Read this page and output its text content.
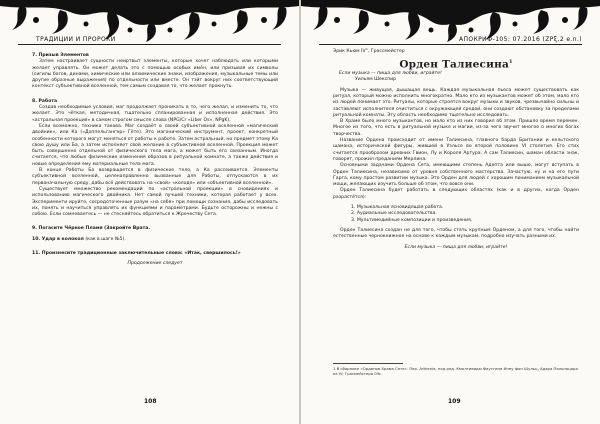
ТРАДИЦИИ И ПРОРОКИ

7. Призыв Элементов

Затем настраивает сущности неиртвыт элементы, которые хочет наблюдать или которыми желает управлять. Он может делать это с помощью особых имён, или призывая их символы (сигилы богов, динами, химические или алхимические знаки, изображения, музыкальные темы или другие образные выражения) по отдельности или вместе. Он тэйт вокруг них соответствующий контекст субъективной вселенной, тем самым создавая то, что желает прокнуть.

8. Работа

Создав необходимые условия, маг продолжает проникать в то, чего желал, и изменить то, что желает. Это чёткая, методичная, тщательно спланированная и исполненная действия. Это «астральная проекция» в самом строгом смысле слова (NPG/Cr «Liber Os», NPgK).

Если возможно, техника такова. Маг создаёт в своей субъективной вселенной «магический двойник», или Ка («Доппельгангер» Гёте). Это магонический инструмент, проект, конкретный особенности которого могут меняться от работы к работе. Затем астральный, но предмет этому Ка свою душу или Ба, а затем исполняет свой желание в субъективной вселенной. Проекция может быть совершенно отдельной от физического тела мага, а может быть его связанным. Иногда считается, что любые физические изменения образов в ритуальной комнате, а также действия и новые определения ему материальные тела мага.

В конце Работы Ба возвращается в физическое тело, а Ка рассеивается. Элементы субъективной вселенной, целенаправленно вызванные для Работы, отпускаются в их первоначальную среду, дабы всё действовать на «свой» «колоде» или «объективной вселенной».

Существует множество рекомендаций по «астральной проекции» в сновидениях и использованию магического двойника. Нет самой лучшей техники, которая работает у всех. Эксперименти ируйте, сосредоточенные разум «на себя» при помощи сознания, дабы исследовать их, понять и научиться управлять их функциями и параметрами. Будьте осторожны и нежны с собою. Если сомневаетесь — не стесняйтесь обратиться к Жречеству Сета.

9. Погасите Чёрное Пламя (Закройте Врата.

10. Удар в колокол (как в шаге №5).

11. Произнесите традиционные заключительные слова: «Итак, свершилось!»

Продолжение следует

108
АПОКРИФ-105: 07.2016 (ΖΡξ,2 e.n.)

Эрик Кьюм IV°, Грассмейстер

Орден Талиесина$^1$

Если музыка — пища для любви, играйте!

Уильям Шекспир

Музыка — живущая, дышащая вещь. Каждая музыкальная пьеса может существовать как ритуал, который можно исполнить многократно. Мало кто из музыкантов может об этом, мало кто из людей понимает это. Ритуалы, которые строятся вокруг музыки и звуков, чрезвычайно сильны и заставляют исполнителя очиститься с окружающей средой, они создают обстановку за пределами ритуальной комнаты. Эту область необходимо тщательно исследовать.

В Храме было много музыкантов, но мало кто из них говорил об этом. Пришло время перемен. Многое из того, что есть в ритуальной музыке и магии, из-за чего звучит многое о многих богах творчества.

Название Ордена происходит от имени Талиесина, главного барда Британии и кельтского шамана, исторической фигуры, жившей в Уэльсе во второй половине VI столетия. Его стих считается прообразом древних Гвион, Лу и Короля Артура. А сам Талиесин, шаман области знак, говорят, прожил преданиям Мерлина.

Основными задачами Ордена Сета, имеющими степень Адепта или выше, могут вступать в Орден Талиесина, независимо от уровня собственного мастерства. Зачастую, ну и на его пути Гарга, кому простом развитии музыка. Это Орден для людей с хорошим пониманием музыкальной мощи, желающих изучить больше об этом, что вовсе они.

Орден Талиесина будет работать в следующих областях (как и в других, когда Орден разрастётся):

1. Музыкальная ясновидящая работа.

2. Аудиальные исследовательства.

3. Мультимедийные композиции и произведения.

Орден Талиесина создан не для того, чтобы стать крупным Орденом, а для того, чтобы найти естественные чернокнижное на основе к каждым музыкам, подробно изучать разными их.

Если музыка — пища для любви, играйте!

1 В сборнике «Орденов Храма Сета». Пер. Arthenia, под ред. Кмолтивиды Фаустина Инну фон Шульц, Адара Пальнацора из IV; Грасмейстера 09с.
109
